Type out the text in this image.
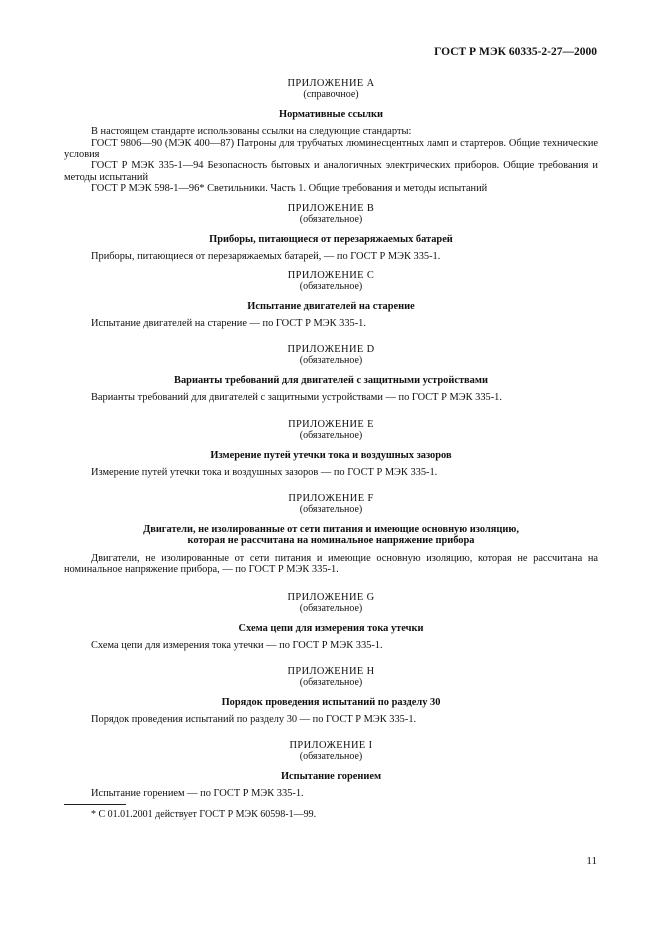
ГОСТ Р МЭК 60335-2-27—2000
ПРИЛОЖЕНИЕ А
(справочное)
Нормативные ссылки
В настоящем стандарте использованы ссылки на следующие стандарты:
ГОСТ 9806—90 (МЭК 400—87) Патроны для трубчатых люминесцентных ламп и стартеров. Общие технические условия
ГОСТ Р МЭК 335-1—94 Безопасность бытовых и аналогичных электрических приборов. Общие требования и методы испытаний
ГОСТ Р МЭК 598-1—96* Светильники. Часть 1. Общие требования и методы испытаний
ПРИЛОЖЕНИЕ В
(обязательное)
Приборы, питающиеся от перезаряжаемых батарей
Приборы, питающиеся от перезаряжаемых батарей, — по ГОСТ Р МЭК 335-1.
ПРИЛОЖЕНИЕ С
(обязательное)
Испытание двигателей на старение
Испытание двигателей на старение — по ГОСТ Р МЭК 335-1.
ПРИЛОЖЕНИЕ D
(обязательное)
Варианты требований для двигателей с защитными устройствами
Варианты требований для двигателей с защитными устройствами — по ГОСТ Р МЭК 335-1.
ПРИЛОЖЕНИЕ Е
(обязательное)
Измерение путей утечки тока и воздушных зазоров
Измерение путей утечки тока и воздушных зазоров — по ГОСТ Р МЭК 335-1.
ПРИЛОЖЕНИЕ F
(обязательное)
Двигатели, не изолированные от сети питания и имеющие основную изоляцию,
которая не рассчитана на номинальное напряжение прибора
Двигатели, не изолированные от сети питания и имеющие основную изоляцию, которая не рассчитана на номинальное напряжение прибора, — по ГОСТ Р МЭК 335-1.
ПРИЛОЖЕНИЕ G
(обязательное)
Схема цепи для измерения тока утечки
Схема цепи для измерения тока утечки — по ГОСТ Р МЭК 335-1.
ПРИЛОЖЕНИЕ Н
(обязательное)
Порядок проведения испытаний по разделу 30
Порядок проведения испытаний по разделу 30 — по ГОСТ Р МЭК 335-1.
ПРИЛОЖЕНИЕ I
(обязательное)
Испытание горением
Испытание горением — по ГОСТ Р МЭК 335-1.
* С 01.01.2001 действует ГОСТ Р МЭК 60598-1—99.
11
